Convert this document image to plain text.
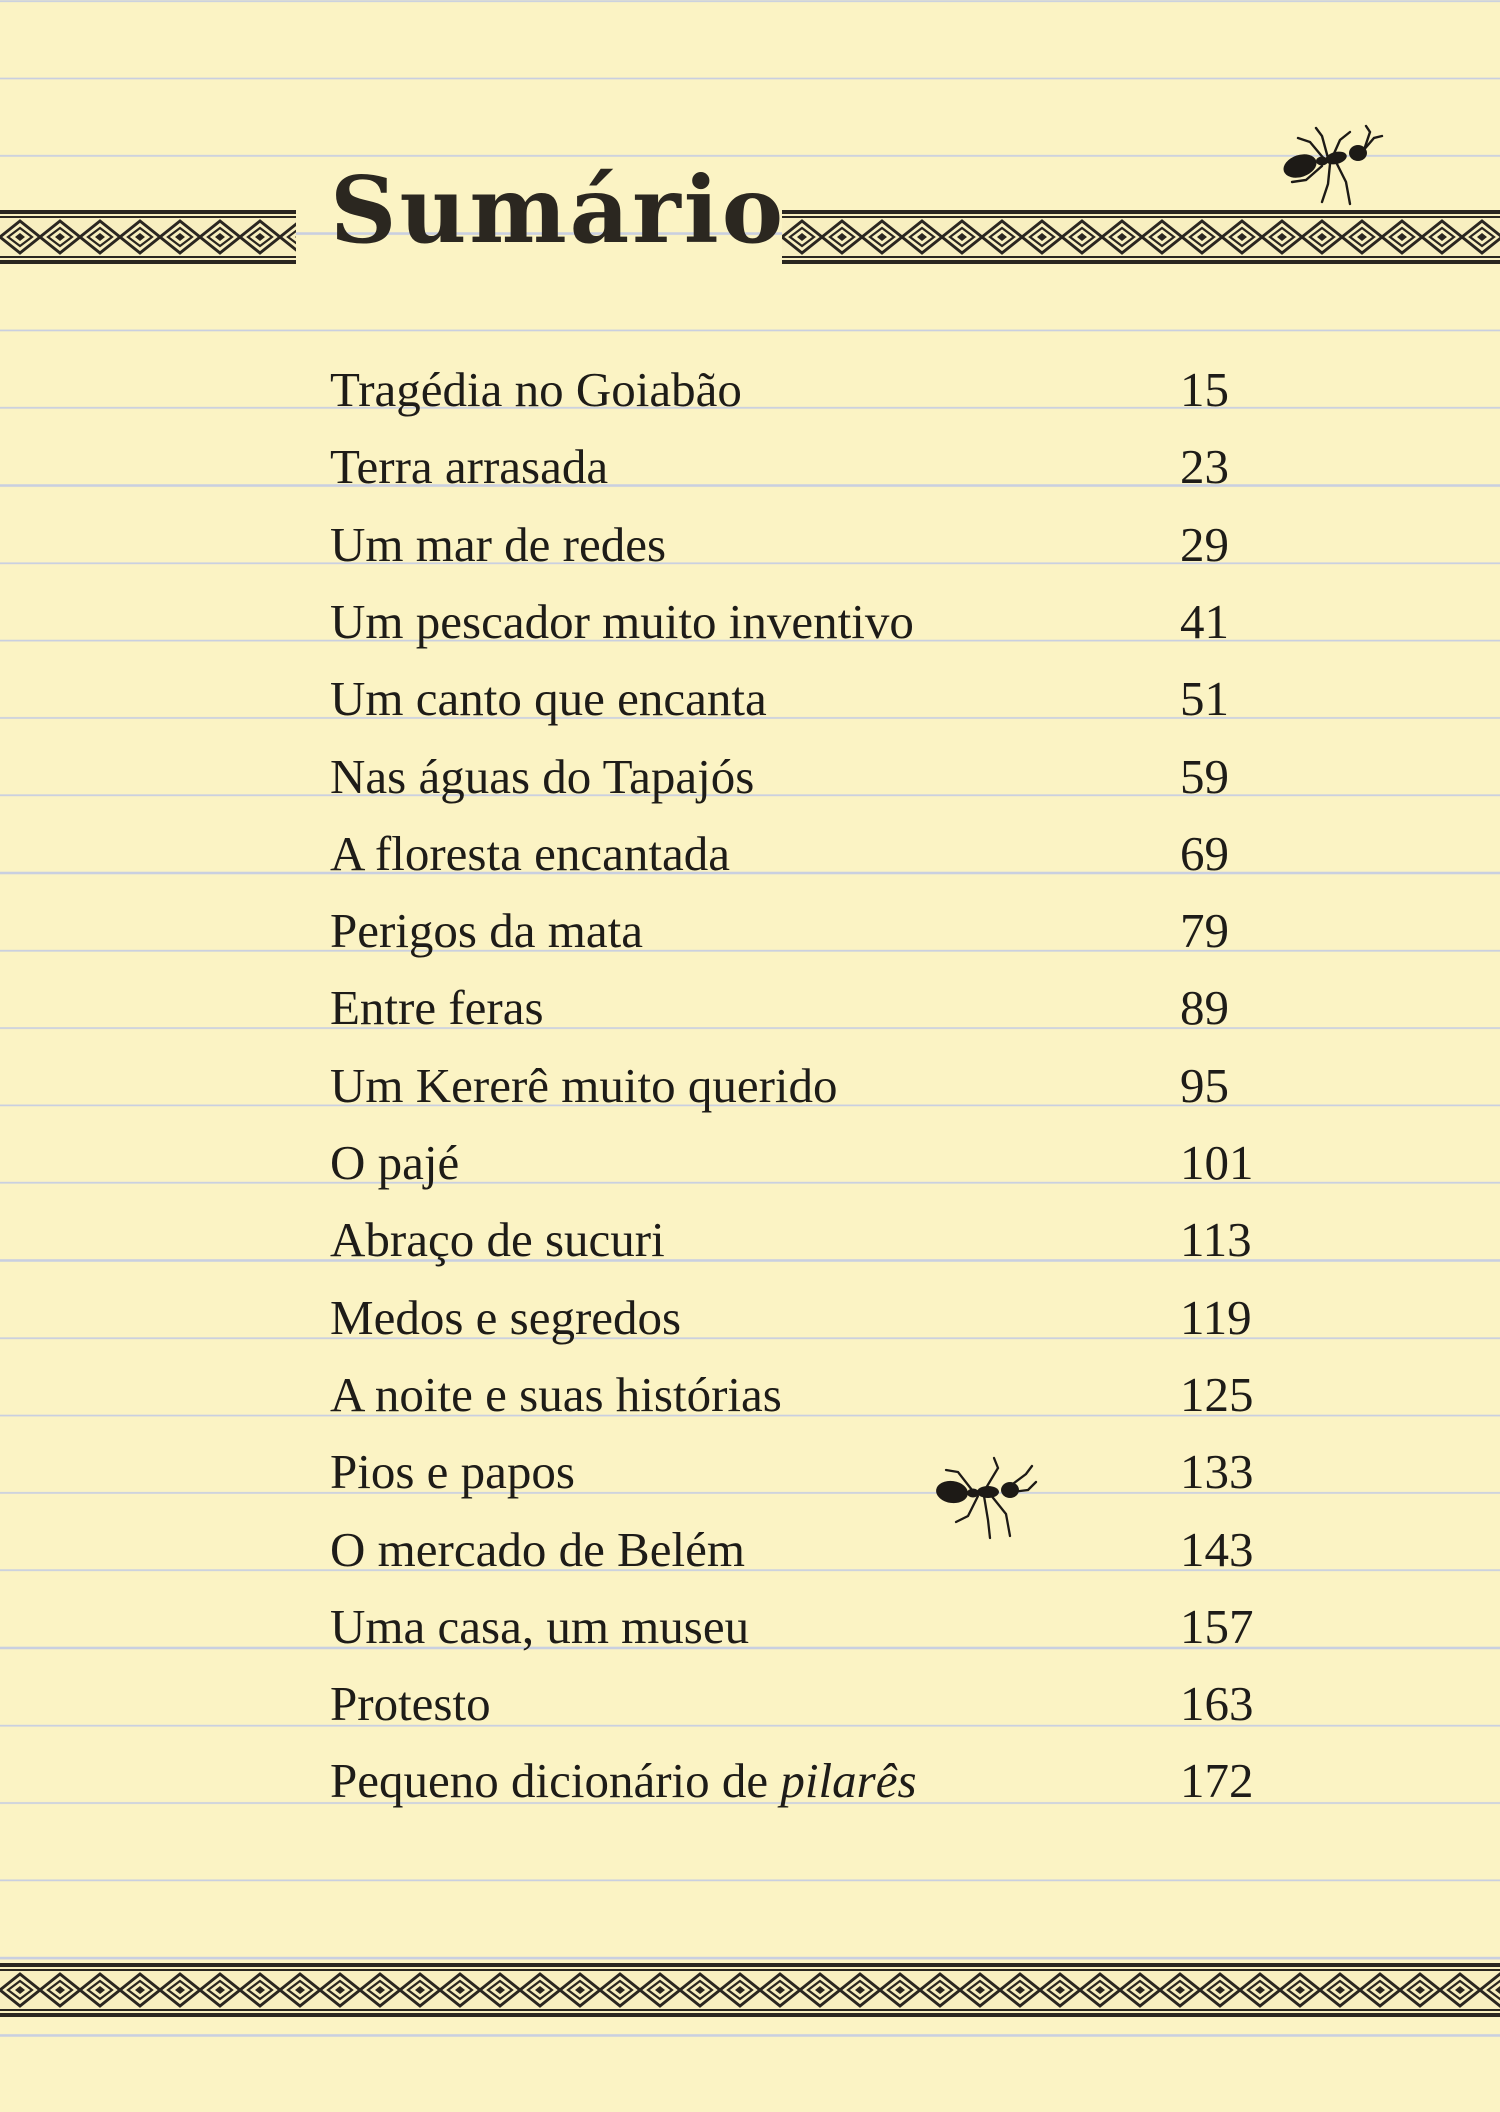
Sumário
Tragédia no Goiabão	15
Terra arrasada	23
Um mar de redes	29
Um pescador muito inventivo	41
Um canto que encanta	51
Nas águas do Tapajós	59
A floresta encantada	69
Perigos da mata	79
Entre feras	89
Um Kererê muito querido	95
O pajé	101
Abraço de sucuri	113
Medos e segredos	119
A noite e suas histórias	125
Pios e papos	133
O mercado de Belém	143
Uma casa, um museu	157
Protesto	163
Pequeno dicionário de pilarês	172
